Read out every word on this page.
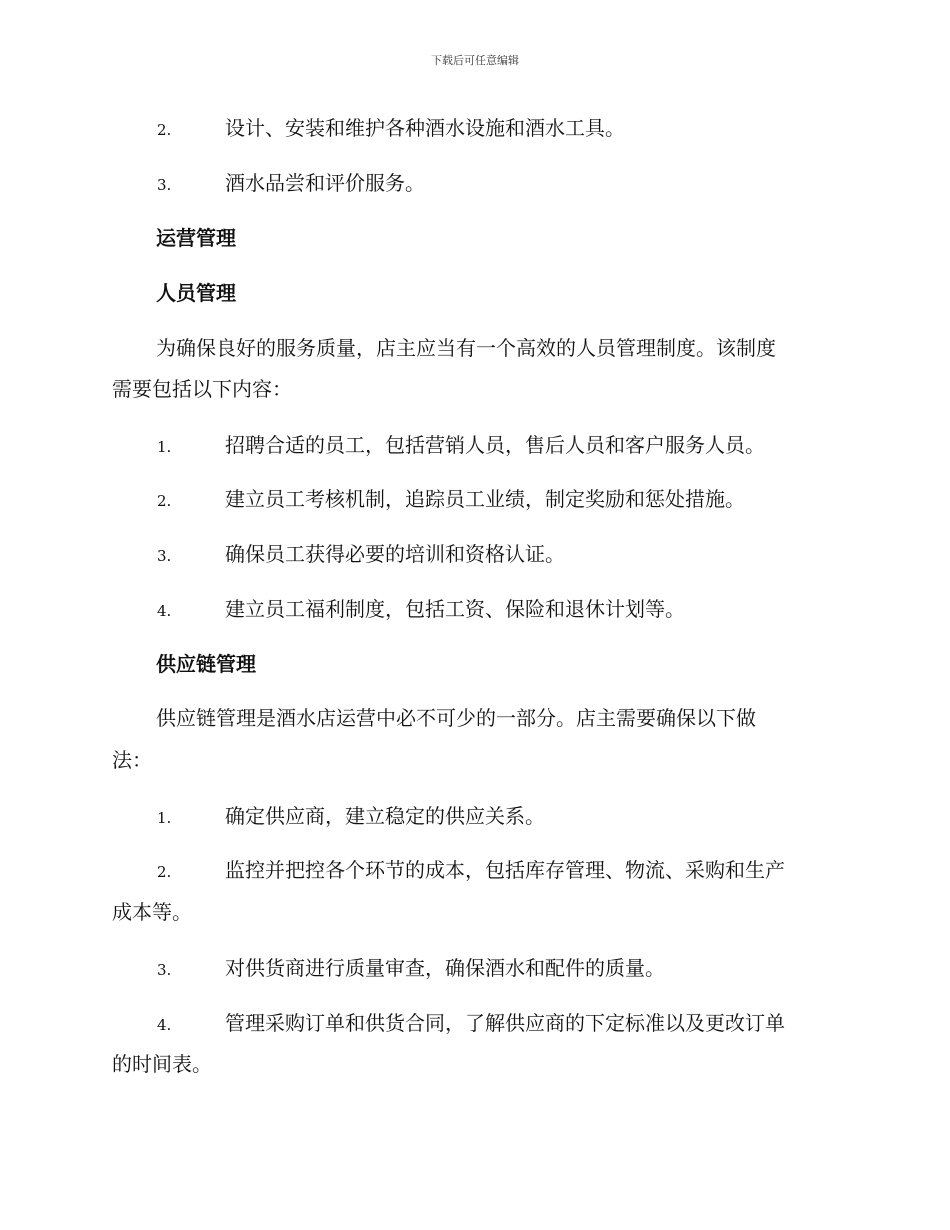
下载后可任意编辑
2.	设计、安装和维护各种酒水设施和酒水工具。
3.	酒水品尝和评价服务。
运营管理
人员管理
为确保良好的服务质量，店主应当有一个高效的人员管理制度。该制度
需要包括以下内容：
1.	招聘合适的员工，包括营销人员，售后人员和客户服务人员。
2.	建立员工考核机制，追踪员工业绩，制定奖励和惩处措施。
3.	确保员工获得必要的培训和资格认证。
4.	建立员工福利制度，包括工资、保险和退休计划等。
供应链管理
供应链管理是酒水店运营中必不可少的一部分。店主需要确保以下做
法：
1.	确定供应商，建立稳定的供应关系。
2.	监控并把控各个环节的成本，包括库存管理、物流、采购和生产
成本等。
3.	对供货商进行质量审查，确保酒水和配件的质量。
4.	管理采购订单和供货合同，了解供应商的下定标准以及更改订单
的时间表。
